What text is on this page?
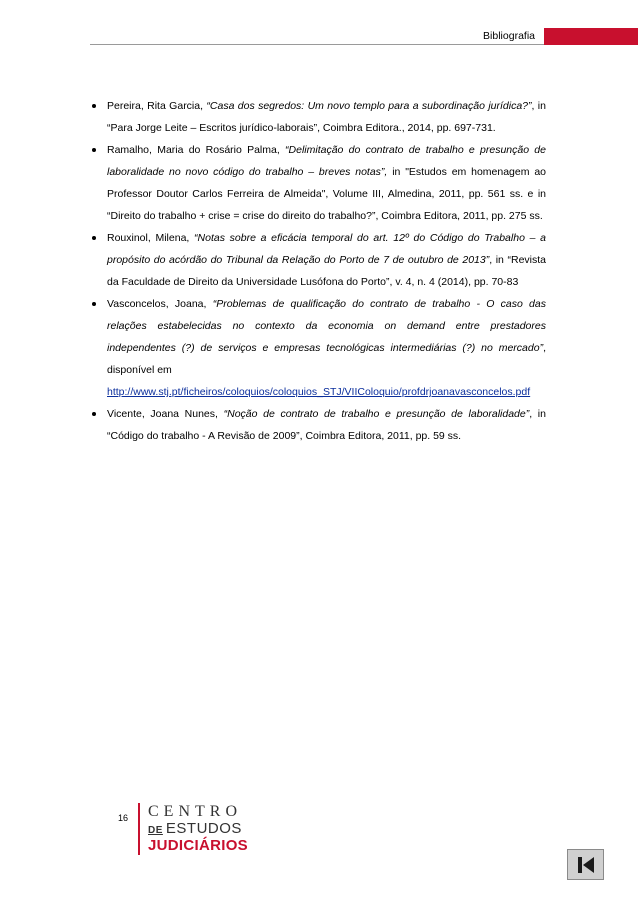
Bibliografia
Pereira, Rita Garcia, “Casa dos segredos: Um novo templo para a subordinação jurídica?”, in “Para Jorge Leite – Escritos jurídico-laborais”, Coimbra Editora., 2014, pp. 697-731.
Ramalho, Maria do Rosário Palma, “Delimitação do contrato de trabalho e presunção de laboralidade no novo código do trabalho – breves notas”, in "Estudos em homenagem ao Professor Doutor Carlos Ferreira de Almeida", Volume III, Almedina, 2011, pp. 561 ss. e in “Direito do trabalho + crise = crise do direito do trabalho?”, Coimbra Editora, 2011, pp. 275 ss.
Rouxinol, Milena, “Notas sobre a eficácia temporal do art. 12º do Código do Trabalho – a propósito do acórdão do Tribunal da Relação do Porto de 7 de outubro de 2013”, in “Revista da Faculdade de Direito da Universidade Lusófona do Porto”, v. 4, n. 4 (2014), pp. 70-83
Vasconcelos, Joana, “Problemas de qualificação do contrato de trabalho - O caso das relações estabelecidas no contexto da economia on demand entre prestadores independentes (?) de serviços e empresas tecnológicas intermediárias (?) no mercado”, disponível em
http://www.stj.pt/ficheiros/coloquios/coloquios_STJ/VIIColoquio/profdrjoanavasconcelos.pdf
Vicente, Joana Nunes, “Noção de contrato de trabalho e presunção de laboralidade”, in “Código do trabalho - A Revisão de 2009”, Coimbra Editora, 2011, pp. 59 ss.
16 CENTRO
DE ESTUDOS
JUDICIÁRIOS
